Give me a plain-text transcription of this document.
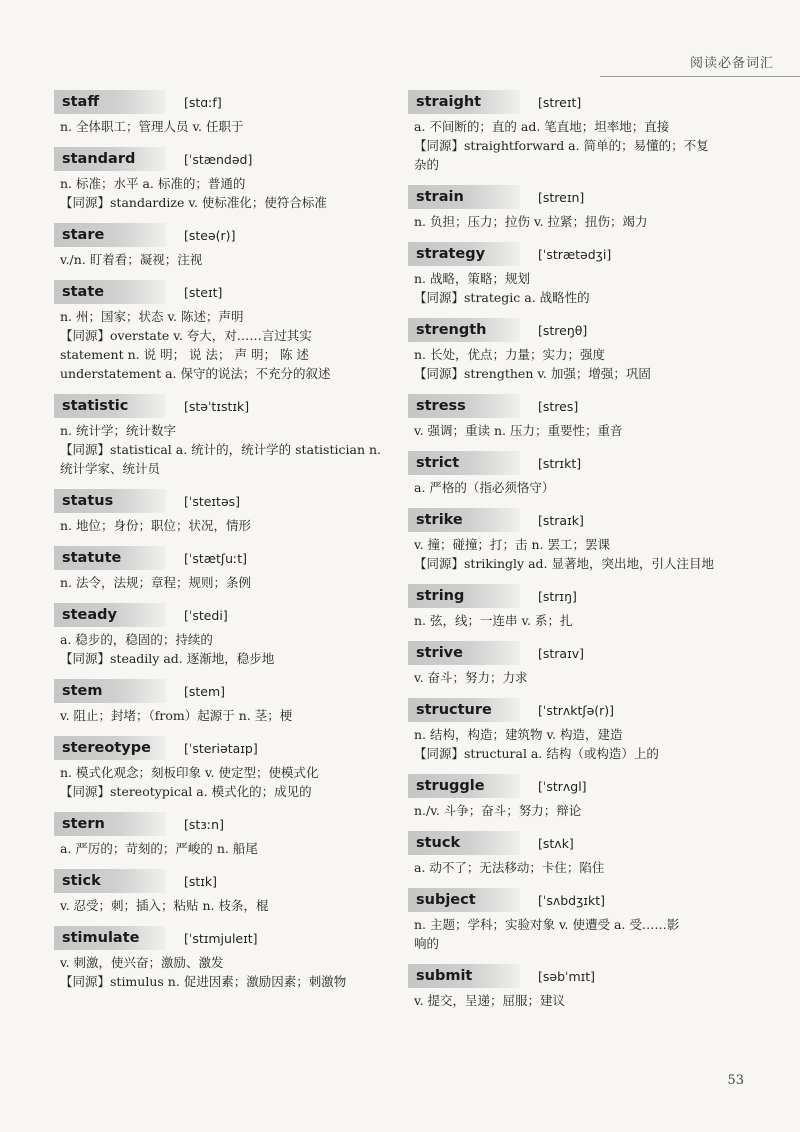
阅读必备词汇
staff	[stɑːf]
n. 全体职工；管理人员 v. 任职于
standard	[ˈstændəd]
n. 标准；水平 a. 标准的；普通的
【同源】standardize v. 使标准化；使符合标准
stare	[steə(r)]
v./n. 盯着看；凝视；注视
state	[steɪt]
n. 州；国家；状态 v. 陈述；声明
【同源】overstate v. 夸大，对……言过其实
statement n. 说 明； 说 法； 声 明； 陈 述
understatement a. 保守的说法；不充分的叙述
statistic	[stəˈtɪstɪk]
n. 统计学；统计数字
【同源】statistical a. 统计的，统计学的 statistician n.
统计学家、统计员
status	[ˈsteɪtəs]
n. 地位；身份；职位；状况，情形
statute	[ˈstætʃuːt]
n. 法令，法规；章程；规则；条例
steady	[ˈstedi]
a. 稳步的，稳固的；持续的
【同源】steadily ad. 逐渐地，稳步地
stem	[stem]
v. 阻止；封堵；（from）起源于 n. 茎；梗
stereotype	[ˈsteriətaɪp]
n. 模式化观念；刻板印象 v. 使定型；使模式化
【同源】stereotypical a. 模式化的；成见的
stern	[stɜːn]
a. 严厉的；苛刻的；严峻的 n. 船尾
stick	[stɪk]
v. 忍受；刺；插入；粘贴 n. 枝条，棍
stimulate	[ˈstɪmjuleɪt]
v. 刺激，使兴奋；激励、激发
【同源】stimulus n. 促进因素；激励因素；刺激物
straight	[streɪt]
a. 不间断的；直的 ad. 笔直地；坦率地；直接
【同源】straightforward a. 简单的；易懂的；不复
杂的
strain	[streɪn]
n. 负担；压力；拉伤 v. 拉紧；扭伤；竭力
strategy	[ˈstrætədʒi]
n. 战略，策略；规划
【同源】strategic a. 战略性的
strength	[streŋθ]
n. 长处，优点；力量；实力；强度
【同源】strengthen v. 加强；增强；巩固
stress	[stres]
v. 强调；重读 n. 压力；重要性；重音
strict	[strɪkt]
a. 严格的（指必须恪守）
strike	[straɪk]
v. 撞；碰撞；打；击 n. 罢工；罢课
【同源】strikingly ad. 显著地，突出地，引人注目地
string	[strɪŋ]
n. 弦，线；一连串 v. 系；扎
strive	[straɪv]
v. 奋斗；努力；力求
structure	[ˈstrʌktʃə(r)]
n. 结构，构造；建筑物 v. 构造，建造
【同源】structural a. 结构（或构造）上的
struggle	[ˈstrʌgl]
n./v. 斗争；奋斗；努力；辩论
stuck	[stʌk]
a. 动不了；无法移动；卡住；陷住
subject	[ˈsʌbdʒɪkt]
n. 主题；学科；实验对象 v. 使遭受 a. 受……影
响的
submit	[səbˈmɪt]
v. 提交，呈递；屈服；建议
53
